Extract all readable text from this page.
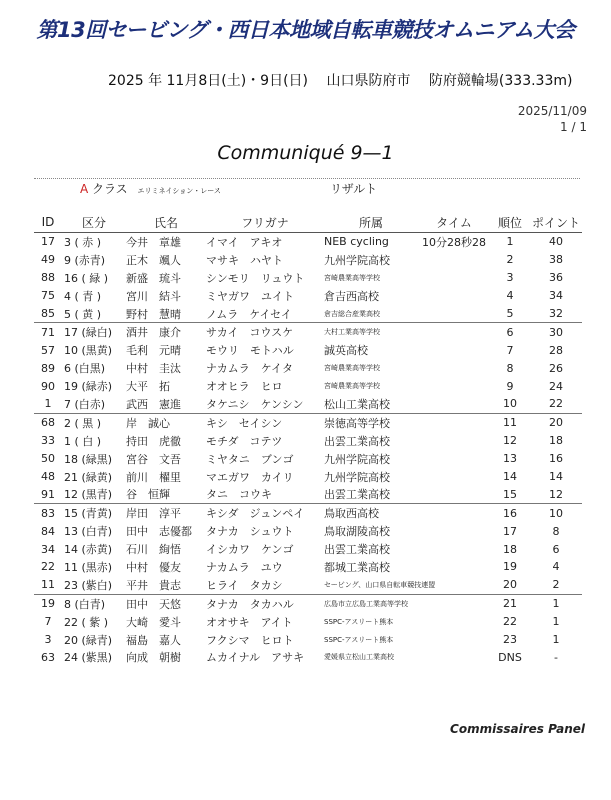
第13回セービング・西日本地域自転車競技オムニアム大会
2025 年 11月8日(土)・9日(日) 山口県防府市 防府競輪場(333.33m)
2025/11/09
1 / 1
Communiqué 9—1
A クラス エリミネイション・レース	リザルト
ID	区分	氏名	フリガナ	所属	タイム	順位	ポイント
17	3 ( 赤 )	今井　章雄	イマイ　アキオ	NEB cycling	10分28秒28	1	40
49	9 (赤青)	正木　颯人	マサキ　ハヤト	九州学院高校		2	38
88	16 ( 緑 )	新盛　琉斗	シンモリ　リュウト	宮崎農業高等学校		3	36
75	4 ( 青 )	宮川　結斗	ミヤガワ　ユイト	倉吉西高校		4	34
85	5 ( 黄 )	野村　慧晴	ノムラ　ケイセイ	倉吉総合産業高校		5	32
71	17 (緑白)	酒井　康介	サカイ　コウスケ	大村工業高等学校		6	30
57	10 (黒黄)	毛利　元晴	モウリ　モトハル	誠英高校		7	28
89	6 (白黒)	中村　圭汰	ナカムラ　ケイタ	宮崎農業高等学校		8	26
90	19 (緑赤)	大平　拓	オオヒラ　ヒロ	宮崎農業高等学校		9	24
1	7 (白赤)	武西　憲進	タケニシ　ケンシン	松山工業高校		10	22
68	2 ( 黒 )	岸　誠心	キシ　セイシン	崇徳高等学校		11	20
33	1 ( 白 )	持田　虎徹	モチダ　コテツ	出雲工業高校		12	18
50	18 (緑黒)	宮谷　文吾	ミヤタニ　ブンゴ	九州学院高校		13	16
48	21 (緑黄)	前川　櫂里	マエガワ　カイリ	九州学院高校		14	14
91	12 (黒青)	谷　恒輝	タニ　コウキ	出雲工業高校		15	12
83	15 (青黄)	岸田　淳平	キシダ　ジュンペイ	鳥取西高校		16	10
84	13 (白青)	田中　志優都	タナカ　シュウト	鳥取湖陵高校		17	8
34	14 (赤黄)	石川　絢悟	イシカワ　ケンゴ	出雲工業高校		18	6
22	11 (黒赤)	中村　優友	ナカムラ　ユウ	都城工業高校		19	4
11	23 (紫白)	平井　貴志	ヒライ　タカシ	セービング、山口県自転車競技連盟		20	2
19	8 (白青)	田中　天悠	タナカ　タカハル	広島市立広島工業高等学校		21	1
7	22 ( 紫 )	大崎　愛斗	オオサキ　アイト	SSPC-アスリート熊本		22	1
3	20 (緑青)	福島　嘉人	フクシマ　ヒロト	SSPC-アスリート熊本		23	1
63	24 (紫黒)	向成　朝樹	ムカイナル　アサキ	愛媛県立松山工業高校		DNS	-
Commissaires Panel
